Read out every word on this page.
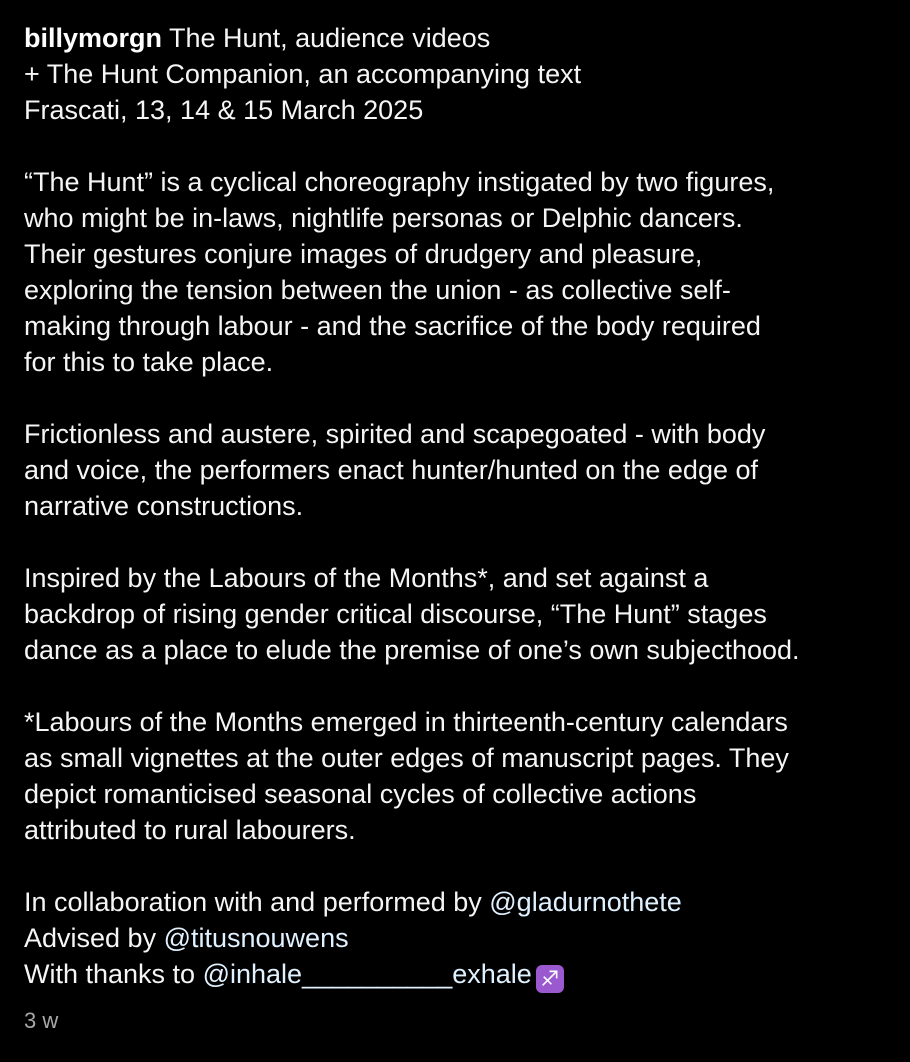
billymorgn The Hunt, audience videos
+ The Hunt Companion, an accompanying text
Frascati, 13, 14 & 15 March 2025
“The Hunt” is a cyclical choreography instigated by two figures,
who might be in-laws, nightlife personas or Delphic dancers.
Their gestures conjure images of drudgery and pleasure,
exploring the tension between the union - as collective self-
making through labour - and the sacrifice of the body required
for this to take place.
Frictionless and austere, spirited and scapegoated - with body
and voice, the performers enact hunter/hunted on the edge of
narrative constructions.
Inspired by the Labours of the Months*, and set against a
backdrop of rising gender critical discourse, “The Hunt” stages
dance as a place to elude the premise of one’s own subjecthood.
*Labours of the Months emerged in thirteenth-century calendars
as small vignettes at the outer edges of manuscript pages. They
depict romanticised seasonal cycles of collective actions
attributed to rural labourers.
In collaboration with and performed by @gladurnothete
Advised by @titusnouwens
With thanks to @inhale__________exhale ♐
3 w
